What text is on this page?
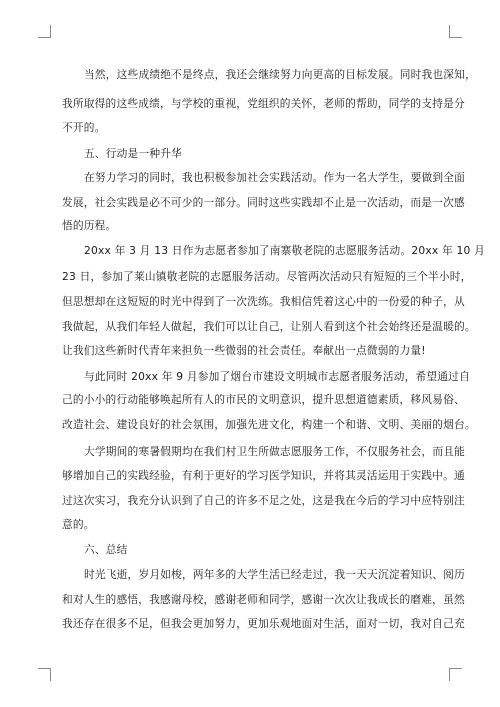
当然，这些成绩绝不是终点，我还会继续努力向更高的目标发展。同时我也深知，

我所取得的这些成绩，与学校的重视，党组织的关怀，老师的帮助，同学的支持是分

不开的。

五、行动是一种升华

在努力学习的同时，我也积极参加社会实践活动。作为一名大学生，要做到全面

发展，社会实践是必不可少的一部分。同时这些实践却不止是一次活动，而是一次感

悟的历程。

20xx 年 3 月 13 日作为志愿者参加了南寨敬老院的志愿服务活动。20xx 年 10 月

23 日，参加了莱山镇敬老院的志愿服务活动。尽管两次活动只有短短的三个半小时，

但思想却在这短短的时光中得到了一次洗练。我相信凭着这心中的一份爱的种子，从

我做起，从我们年轻人做起，我们可以让自己，让别人看到这个社会始终还是温暖的。

让我们这些新时代青年来担负一些微弱的社会责任。奉献出一点微弱的力量!

与此同时 20xx 年 9 月参加了烟台市建设文明城市志愿者服务活动，希望通过自

己的小小的行动能够唤起所有人的市民的文明意识，提升思想道德素质，移风易俗、

改造社会、建设良好的社会氛围，加强先进文化，构建一个和谐、文明、美丽的烟台。

大学期间的寒暑假期均在我们村卫生所做志愿服务工作，不仅服务社会，而且能

够增加自己的实践经验，有利于更好的学习医学知识，并将其灵活运用于实践中。通

过这次实习，我充分认识到了自己的许多不足之处，这是我在今后的学习中应特别注

意的。

六、总结

时光飞逝，岁月如梭，两年多的大学生活已经走过，我一天天沉淀着知识、阅历

和对人生的感悟，我感谢母校，感谢老师和同学，感谢一次次让我成长的磨难，虽然

我还存在很多不足，但我会更加努力，更加乐观地面对生活，面对一切，我对自己充
